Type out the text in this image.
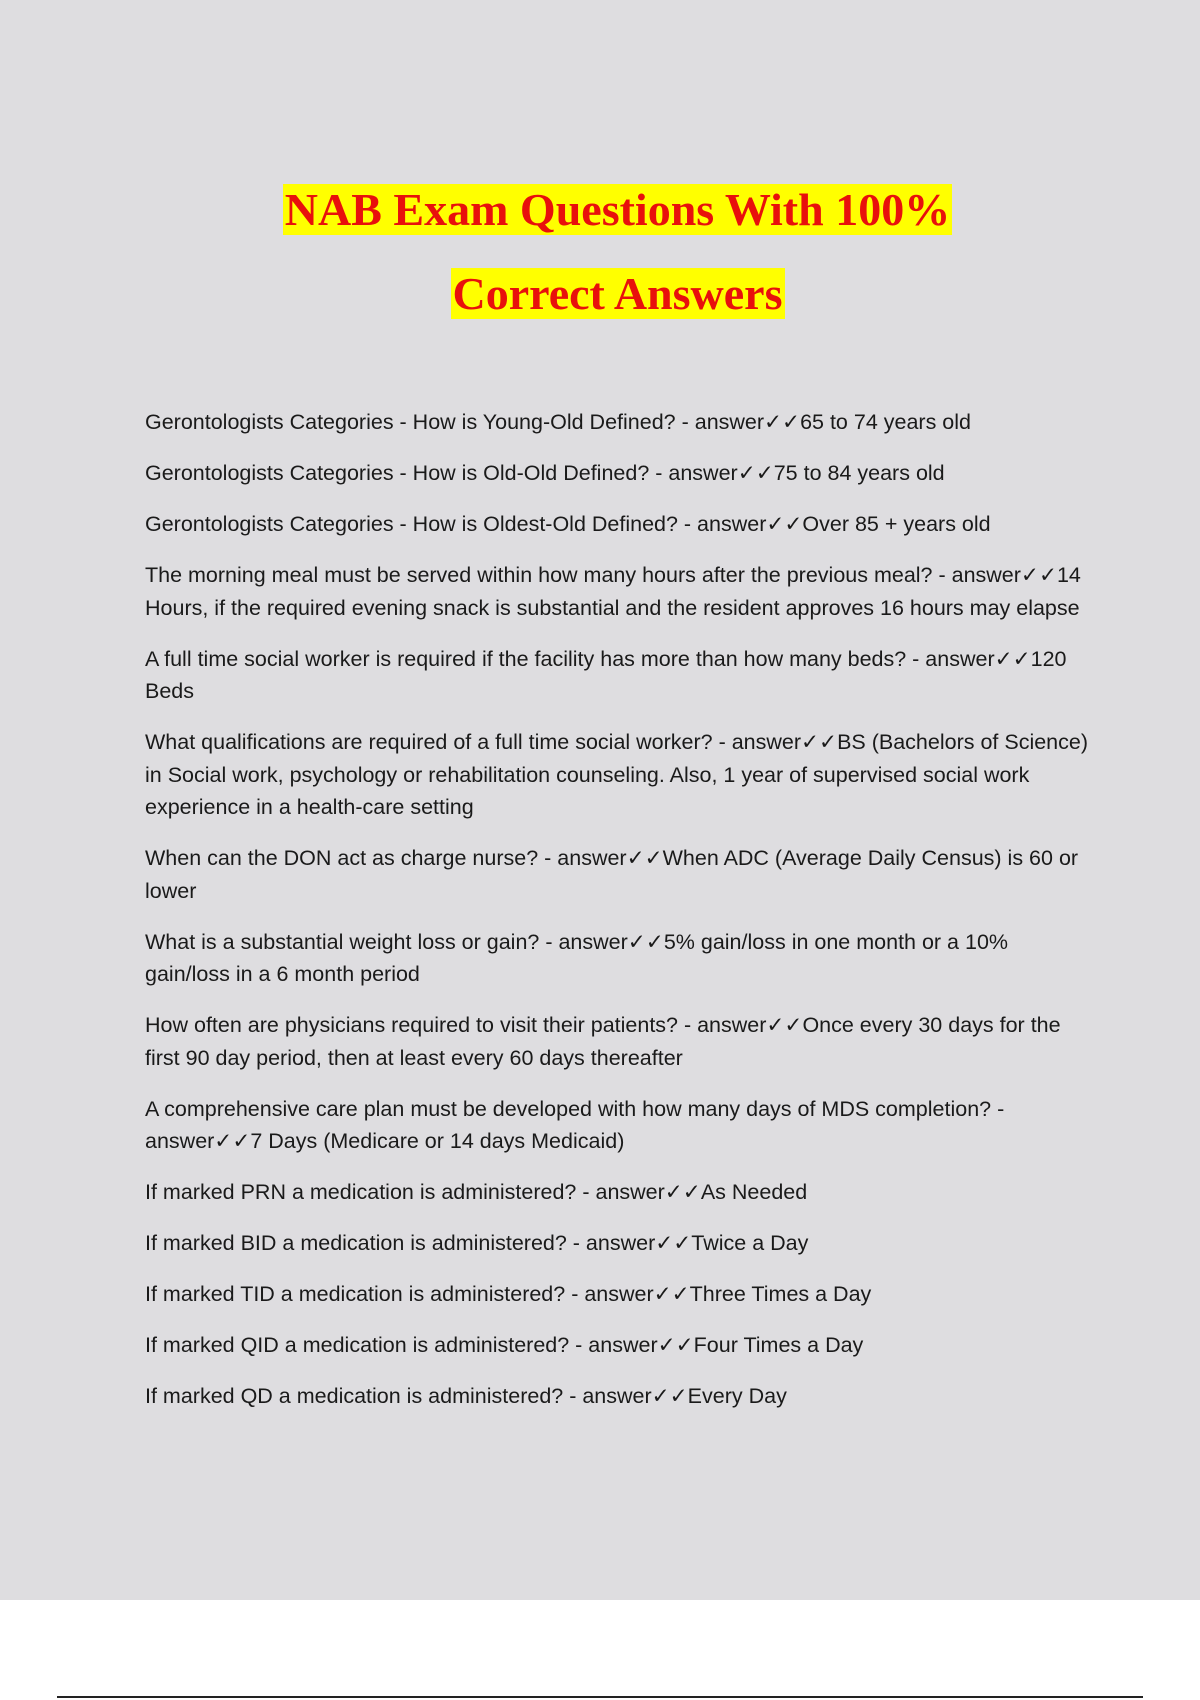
NAB Exam Questions With 100%
Correct Answers

Gerontologists Categories - How is Young-Old Defined? - answer✓✓65 to 74 years old

Gerontologists Categories - How is Old-Old Defined? - answer✓✓75 to 84 years old

Gerontologists Categories - How is Oldest-Old Defined? - answer✓✓Over 85 + years old

The morning meal must be served within how many hours after the previous meal? - answer✓✓14 Hours, if the required evening snack is substantial and the resident approves 16 hours may elapse

A full time social worker is required if the facility has more than how many beds? - answer✓✓120 Beds

What qualifications are required of a full time social worker? - answer✓✓BS (Bachelors of Science) in Social work, psychology or rehabilitation counseling. Also, 1 year of supervised social work experience in a health-care setting

When can the DON act as charge nurse? - answer✓✓When ADC (Average Daily Census) is 60 or lower

What is a substantial weight loss or gain? - answer✓✓5% gain/loss in one month or a 10% gain/loss in a 6 month period

How often are physicians required to visit their patients? - answer✓✓Once every 30 days for the first 90 day period, then at least every 60 days thereafter

A comprehensive care plan must be developed with how many days of MDS completion? - answer✓✓7 Days (Medicare or 14 days Medicaid)

If marked PRN a medication is administered? - answer✓✓As Needed

If marked BID a medication is administered? - answer✓✓Twice a Day

If marked TID a medication is administered? - answer✓✓Three Times a Day

If marked QID a medication is administered? - answer✓✓Four Times a Day

If marked QD a medication is administered? - answer✓✓Every Day
